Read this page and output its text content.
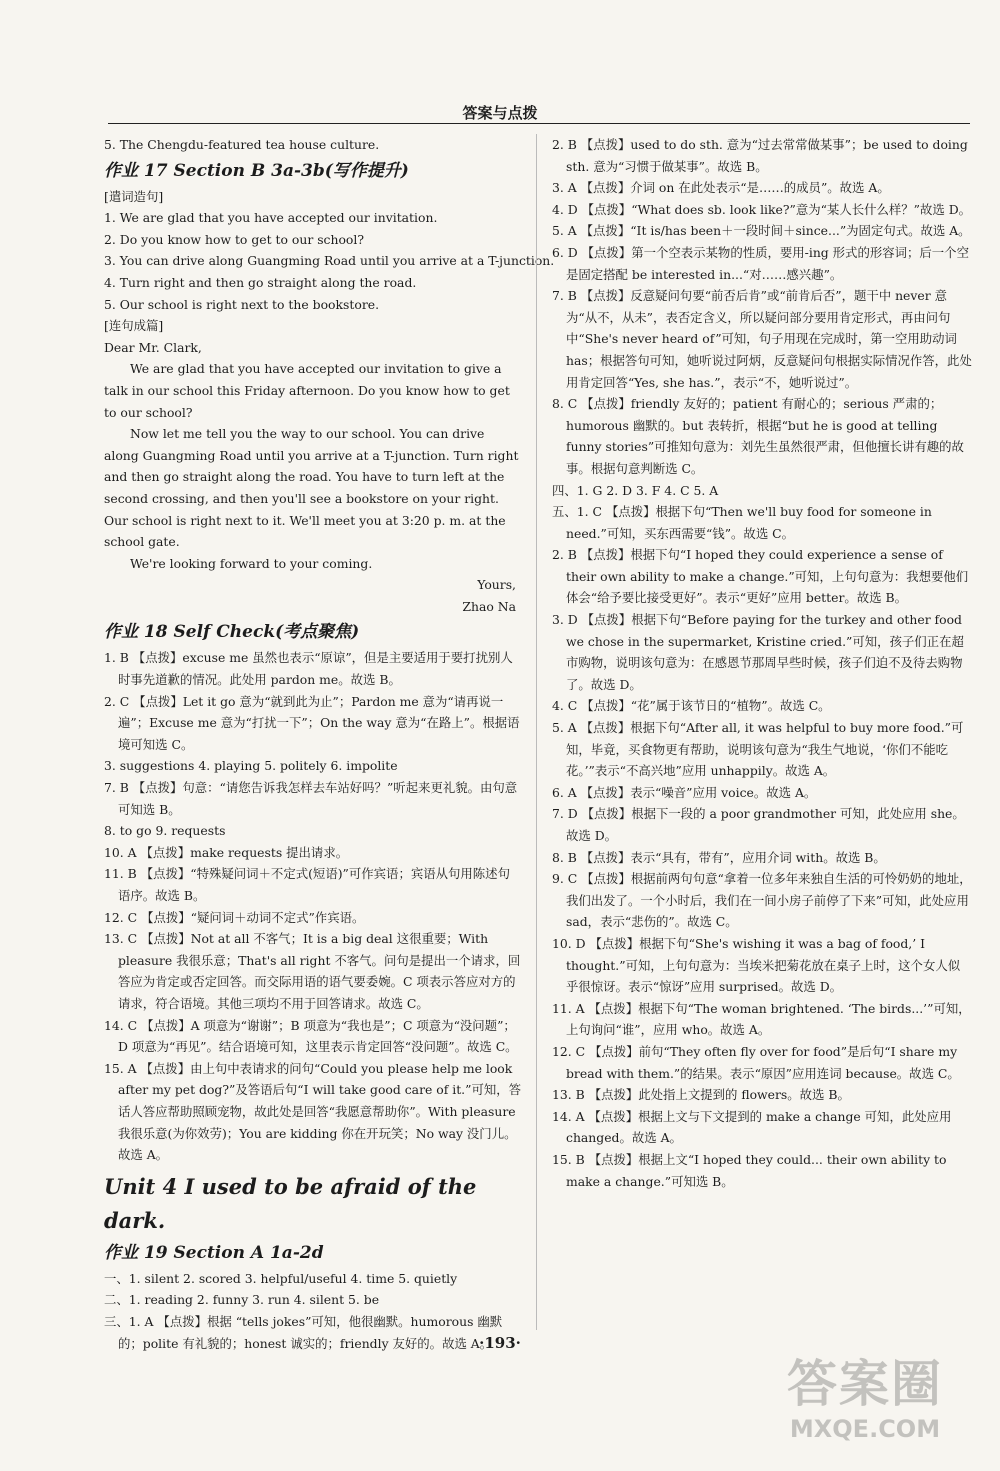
答案与点拨
5. The Chengdu-featured tea house culture.
作业 17 Section B 3a-3b(写作提升)
[遣词造句]
1. We are glad that you have accepted our invitation.
2. Do you know how to get to our school?
3. You can drive along Guangming Road until you arrive at a T-junction.
4. Turn right and then go straight along the road.
5. Our school is right next to the bookstore.
[连句成篇]
Dear Mr. Clark,
We are glad that you have accepted our invitation to give a talk in our school this Friday afternoon. Do you know how to get to our school?
Now let me tell you the way to our school. You can drive along Guangming Road until you arrive at a T-junction. Turn right and then go straight along the road. You have to turn left at the second crossing, and then you'll see a bookstore on your right. Our school is right next to it. We'll meet you at 3:20 p. m. at the school gate.
We're looking forward to your coming.
Yours,
Zhao Na
作业 18 Self Check(考点聚焦)
1. B 【点拨】excuse me 虽然也表示“原谅”，但是主要适用于要打扰别人时事先道歉的情况。此处用 pardon me。故选 B。
2. C 【点拨】Let it go 意为“就到此为止”；Pardon me 意为“请再说一遍”；Excuse me 意为“打扰一下”；On the way 意为“在路上”。根据语境可知选 C。
3. suggestions 4. playing 5. politely 6. impolite
7. B 【点拨】句意：“请您告诉我怎样去车站好吗？”听起来更礼貌。由句意可知选 B。
8. to go 9. requests
10. A 【点拨】make requests 提出请求。
11. B 【点拨】“特殊疑问词＋不定式(短语)”可作宾语；宾语从句用陈述句语序。故选 B。
12. C 【点拨】“疑问词＋动词不定式”作宾语。
13. C 【点拨】Not at all 不客气；It is a big deal 这很重要；With pleasure 我很乐意；That's all right 不客气。问句是提出一个请求，回答应为肯定或否定回答。而交际用语的语气要委婉。C 项表示答应对方的请求，符合语境。其他三项均不用于回答请求。故选 C。
14. C 【点拨】A 项意为“谢谢”；B 项意为“我也是”；C 项意为“没问题”；D 项意为“再见”。结合语境可知，这里表示肯定回答“没问题”。故选 C。
15. A 【点拨】由上句中表请求的问句“Could you please help me look after my pet dog?”及答语后句“I will take good care of it.”可知，答话人答应帮助照顾宠物，故此处是回答“我愿意帮助你”。With pleasure 我很乐意(为你效劳)；You are kidding 你在开玩笑；No way 没门儿。故选 A。
Unit 4 I used to be afraid of the dark.
作业 19 Section A 1a-2d
一、1. silent 2. scored 3. helpful/useful 4. time 5. quietly
二、1. reading 2. funny 3. run 4. silent 5. be
三、1. A 【点拨】根据 “tells jokes”可知，他很幽默。humorous 幽默的；polite 有礼貌的；honest 诚实的；friendly 友好的。故选 A。
2. B 【点拨】used to do sth. 意为“过去常常做某事”；be used to doing sth. 意为“习惯于做某事”。故选 B。
3. A 【点拨】介词 on 在此处表示“是……的成员”。故选 A。
4. D 【点拨】“What does sb. look like?”意为“某人长什么样？”故选 D。
5. A 【点拨】“It is/has been＋一段时间＋since...”为固定句式。故选 A。
6. D 【点拨】第一个空表示某物的性质，要用-ing 形式的形容词；后一个空是固定搭配 be interested in...“对……感兴趣”。
7. B 【点拨】反意疑问句要“前否后肯”或“前肯后否”，题干中 never 意为“从不，从未”，表否定含义，所以疑问部分要用肯定形式，再由问句中“She's never heard of”可知，句子用现在完成时，第一空用助动词 has；根据答句可知，她听说过阿炳，反意疑问句根据实际情况作答，此处用肯定回答“Yes, she has.”，表示“不，她听说过”。
8. C 【点拨】friendly 友好的；patient 有耐心的；serious 严肃的；humorous 幽默的。but 表转折，根据“but he is good at telling funny stories”可推知句意为：刘先生虽然很严肃，但他擅长讲有趣的故事。根据句意判断选 C。
四、1. G 2. D 3. F 4. C 5. A
五、1. C 【点拨】根据下句“Then we'll buy food for someone in need.”可知，买东西需要“钱”。故选 C。
2. B 【点拨】根据下句“I hoped they could experience a sense of their own ability to make a change.”可知，上句句意为：我想要他们体会“给予要比接受更好”。表示“更好”应用 better。故选 B。
3. D 【点拨】根据下句“Before paying for the turkey and other food we chose in the supermarket, Kristine cried.”可知，孩子们正在超市购物，说明该句意为：在感恩节那周早些时候，孩子们迫不及待去购物了。故选 D。
4. C 【点拨】“花”属于该节日的“植物”。故选 C。
5. A 【点拨】根据下句“After all, it was helpful to buy more food.”可知，毕竟，买食物更有帮助，说明该句意为“我生气地说，‘你们不能吃花。’”表示“不高兴地”应用 unhappily。故选 A。
6. A 【点拨】表示“噪音”应用 voice。故选 A。
7. D 【点拨】根据下一段的 a poor grandmother 可知，此处应用 she。故选 D。
8. B 【点拨】表示“具有，带有”，应用介词 with。故选 B。
9. C 【点拨】根据前两句句意“拿着一位多年来独自生活的可怜奶奶的地址，我们出发了。一个小时后，我们在一间小房子前停了下来”可知，此处应用 sad，表示“悲伤的”。故选 C。
10. D 【点拨】根据下句“She's wishing it was a bag of food,’ I thought.”可知，上句句意为：当埃米把菊花放在桌子上时，这个女人似乎很惊讶。表示“惊讶”应用 surprised。故选 D。
11. A 【点拨】根据下句“The woman brightened. ‘The birds...’”可知，上句询问“谁”，应用 who。故选 A。
12. C 【点拨】前句“They often fly over for food”是后句“I share my bread with them.”的结果。表示“原因”应用连词 because。故选 C。
13. B 【点拨】此处指上文提到的 flowers。故选 B。
14. A 【点拨】根据上文与下文提到的 make a change 可知，此处应用 changed。故选 A。
15. B 【点拨】根据上文“I hoped they could... their own ability to make a change.”可知选 B。
·193·
答案圈
MXQE.COM
